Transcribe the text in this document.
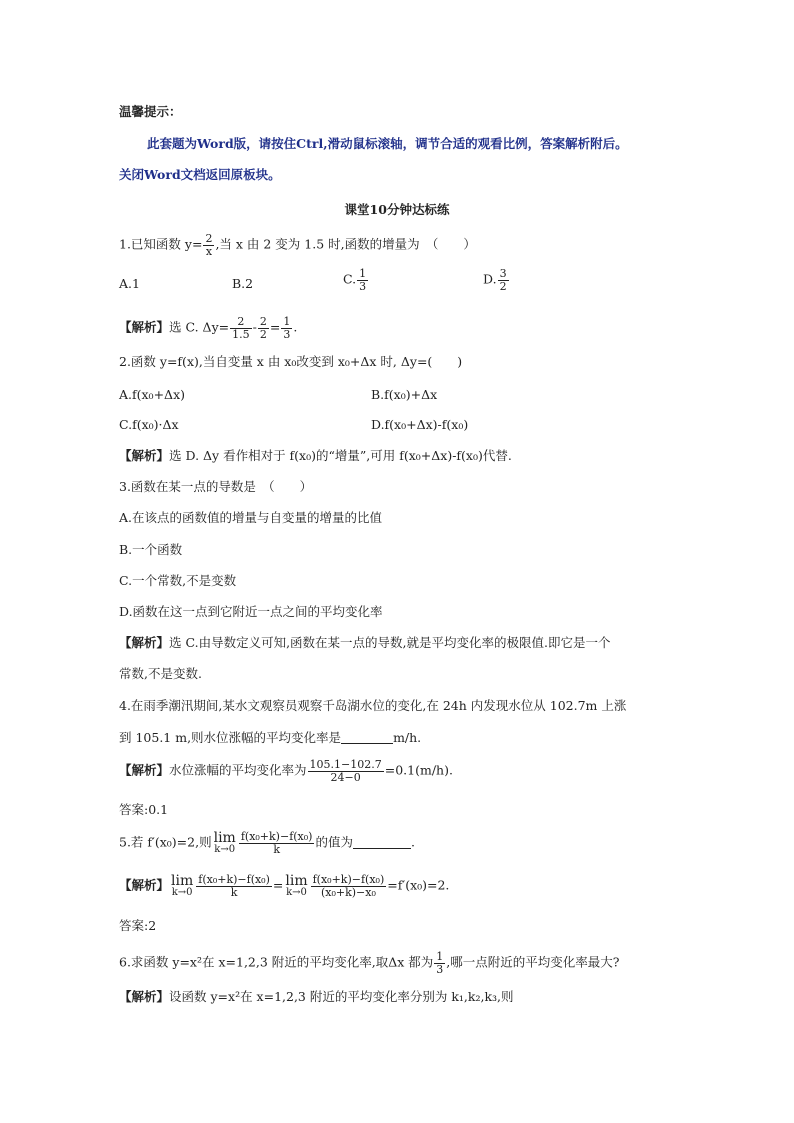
温馨提示：
此套题为Word版，请按住Ctrl,滑动鼠标滚轴，调节合适的观看比例，答案解析附后。
关闭Word文档返回原板块。
课堂10分钟达标练
1.已知函数 $y= \frac{2}{x}$ ,当 x 由 2 变为 1.5 时,函数的增量为　（　　）
A.1	B.2	C. $\frac{1}{3}$	D. $\frac{3}{2}$
【解析】选 C. $\Delta y= \frac{2}{1.5} - \frac{2}{2} = \frac{1}{3}$ .
2.函数 y=f(x),当自变量 x 由 x₀改变到 x₀+Δx 时, Δy=(　　)
A.f(x₀+Δx)	B.f(x₀)+Δx
C.f(x₀)·Δx	D.f(x₀+Δx)-f(x₀)
【解析】选 D. Δy 看作相对于 f(x₀)的“增量”,可用 f(x₀+Δx)-f(x₀)代替.
3.函数在某一点的导数是　（　　）
A.在该点的函数值的增量与自变量的增量的比值
B.一个函数
C.一个常数,不是变数
D.函数在这一点到它附近一点之间的平均变化率
【解析】选 C.由导数定义可知,函数在某一点的导数,就是平均变化率的极限值.即它是一个
常数,不是变数.
4.在雨季潮汛期间,某水文观察员观察千岛湖水位的变化,在 24h 内发现水位从 102.7m 上涨
到 105.1 m,则水位涨幅的平均变化率是	m/h.
【解析】水位涨幅的平均变化率为 $\frac{105.1-102.7}{24-0} =0.1(m/h)$.
答案:0.1
5.若 f′(x₀)=2,则 lim
$k\to 0 \frac{\text{f(x₀+k)−f(x₀)}}{k}$ 的值为	.
【解析】 lim
$k\to 0 \frac{\text{f(x₀+k)−f(x₀)}}{k} = \lim$
$k\to 0 \frac{\text{f(x₀+k)−f(x₀)}}{\text{(x₀+k)−x₀}} =f'(x_0)=2$.
答案:2
6.求函数 y=x²在 x=1,2,3 附近的平均变化率,取Δx 都为 $\frac{1}{3}$ ,哪一点附近的平均变化率最大?
【解析】设函数 y=x²在 x=1,2,3 附近的平均变化率分别为 k₁,k₂,k₃,则
